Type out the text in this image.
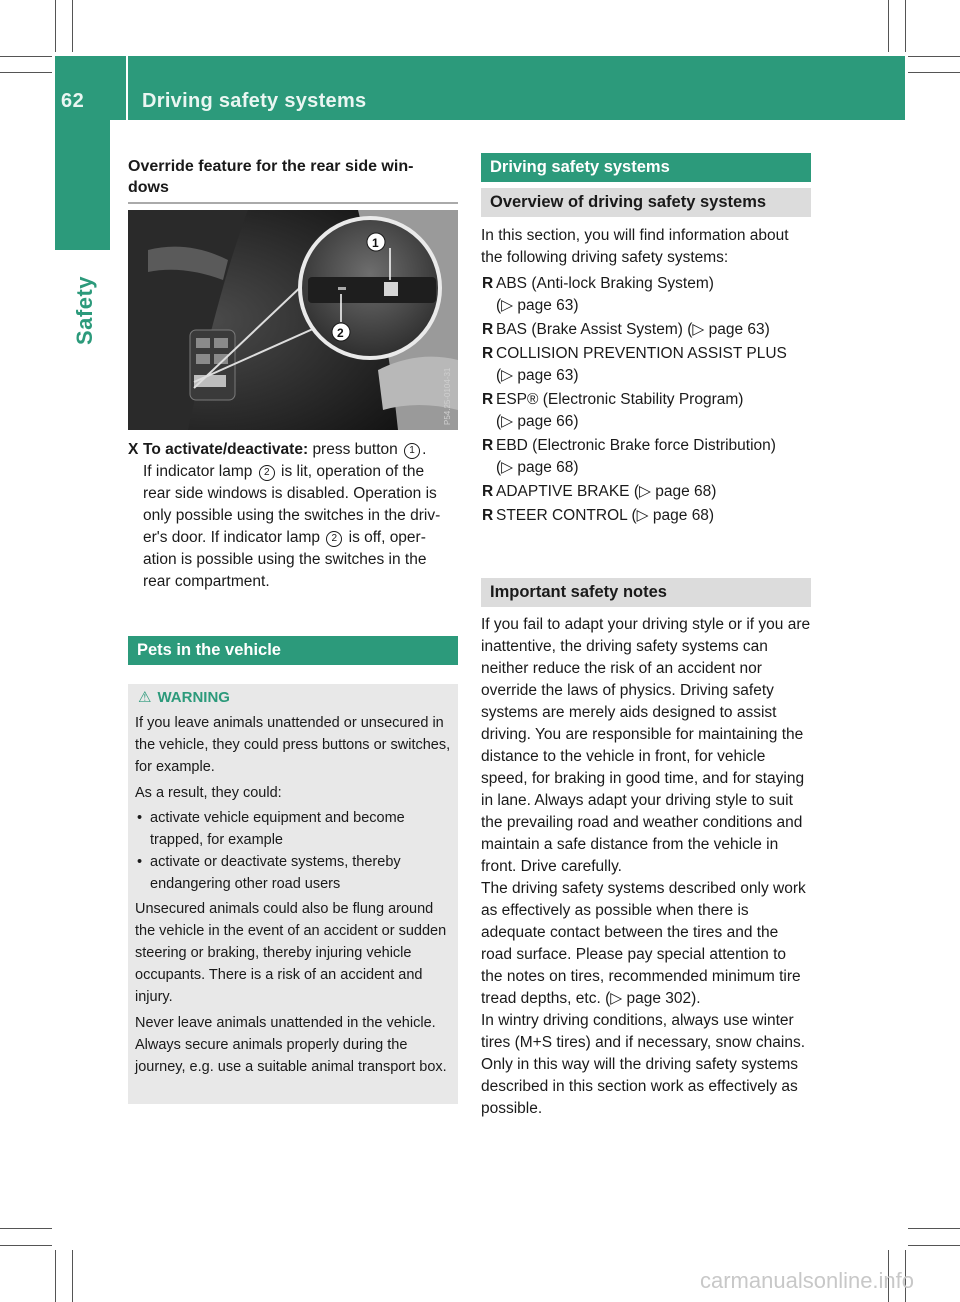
62	Driving safety systems
Safety
Override feature for the rear side win-
dows
1
2
P54.25-0104-31
X To activate/deactivate: press button 1 .
If indicator lamp 2 is lit, operation of the
rear side windows is disabled. Operation is
only possible using the switches in the driv-
er's door. If indicator lamp 2 is off, oper-
ation is possible using the switches in the
rear compartment.
Pets in the vehicle
⚠ WARNING

If you leave animals unattended or unsecured in the vehicle, they could press buttons or switches, for example.

As a result, they could:

• activate vehicle equipment and become trapped, for example
• activate or deactivate systems, thereby endangering other road users

Unsecured animals could also be flung around the vehicle in the event of an accident or sudden steering or braking, thereby injuring vehicle occupants. There is a risk of an accident and injury.

Never leave animals unattended in the vehicle. Always secure animals properly during the journey, e.g. use a suitable animal transport box.

Driving safety systems
Overview of driving safety systems
In this section, you will find information about the following driving safety systems:
R ABS (Anti-lock Braking System)
(▷ page 63)
R BAS (Brake Assist System) (▷ page 63)
R COLLISION PREVENTION ASSIST PLUS
(▷ page 63)
R ESP® (Electronic Stability Program)
(▷ page 66)
R EBD (Electronic Brake force Distribution)
(▷ page 68)
R ADAPTIVE BRAKE (▷ page 68)
R STEER CONTROL (▷ page 68)
Important safety notes

If you fail to adapt your driving style or if you are inattentive, the driving safety systems can neither reduce the risk of an accident nor override the laws of physics. Driving safety systems are merely aids designed to assist driving. You are responsible for maintaining the distance to the vehicle in front, for vehicle speed, for braking in good time, and for staying in lane. Always adapt your driving style to suit the prevailing road and weather conditions and maintain a safe distance from the vehicle in front. Drive carefully.

The driving safety systems described only work as effectively as possible when there is adequate contact between the tires and the road surface. Please pay special attention to the notes on tires, recommended minimum tire tread depths, etc. (▷ page 302).

In wintry driving conditions, always use winter tires (M+S tires) and if necessary, snow chains. Only in this way will the driving safety systems described in this section work as effectively as possible.

carmanualsonline.info
